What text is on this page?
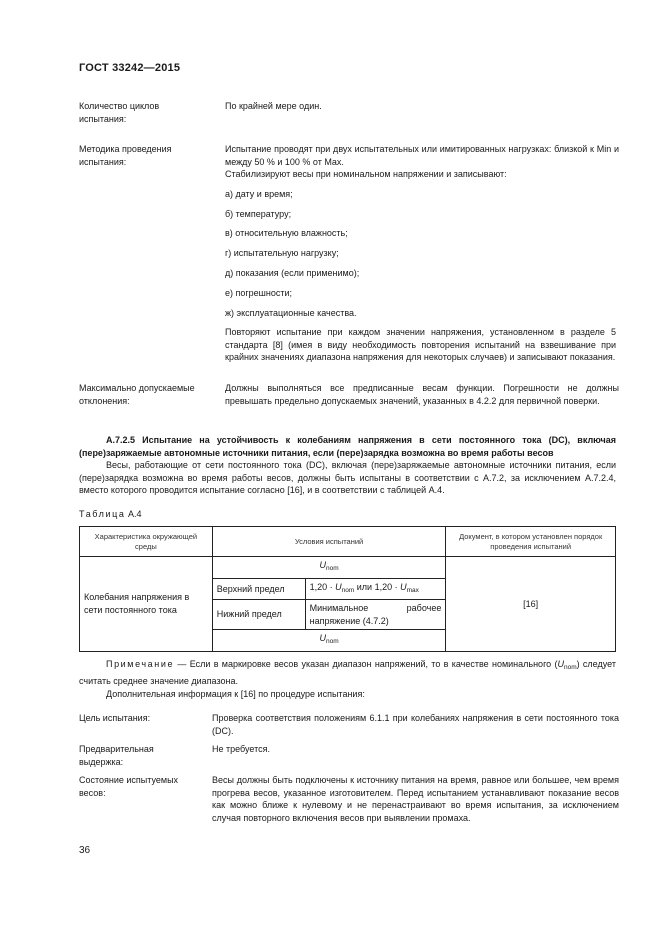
ГОСТ 33242—2015
Количество циклов испытания:
По крайней мере один.
Методика проведения испытания:
Испытание проводят при двух испытательных или имитированных нагрузках: близкой к Min и между 50 % и 100 % от Max.
Стабилизируют весы при номинальном напряжении и записывают:
а) дату и время;
б) температуру;
в) относительную влажность;
г) испытательную нагрузку;
д) показания (если применимо);
е) погрешности;
ж) эксплуатационные качества.
Повторяют испытание при каждом значении напряжения, установленном в разделе 5 стандарта [8] (имея в виду необходимость повторения испытаний на взвешивание при крайних значениях диапазона напряжения для некоторых случаев) и записывают показания.
Максимально допускаемые отклонения:
Должны выполняться все предписанные весам функции. Погрешности не должны превышать предельно допускаемых значений, указанных в 4.2.2 для первичной поверки.
А.7.2.5 Испытание на устойчивость к колебаниям напряжения в сети постоянного тока (DC), включая (пере)заряжаемые автономные источники питания, если (пере)зарядка возможна во время работы весов
Весы, работающие от сети постоянного тока (DC), включая (пере)заряжаемые автономные источники питания, если (пере)зарядка возможна во время работы весов, должны быть испытаны в соответствии с А.7.2, за исключением А.7.2.4, вместо которого проводится испытание согласно [16], и в соответствии с таблицей А.4.
Таблица А.4
Характеристика окружающей среды	Условия испытаний		Документ, в котором установлен порядок проведения испытаний
Колебания напряжения в сети постоянного тока	$U_{nom}$		[16]
	Верхний предел	$1,20 \cdot U_{nom}$ или $1,20 \cdot U_{max}$
	Нижний предел	Минимальное рабочее напряжение (4.7.2)	
	$U_{nom}$
Примечание — Если в маркировке весов указан диапазон напряжений, то в качестве номинального $(U_{nom})$ следует считать среднее значение диапазона.
Дополнительная информация к [16] по процедуре испытания:
Цель испытания:	Проверка соответствия положениям 6.1.1 при колебаниях напряжения в сети постоянного тока (DC).
Предварительная выдержка:
Не требуется.
Состояние испытуемых весов:
Весы должны быть подключены к источнику питания на время, равное или большее, чем время прогрева весов, указанное изготовителем. Перед испытанием устанавливают показание весов как можно ближе к нулевому и не перенастраивают во время испытания, за исключением случая повторного включения весов при выявлении промаха.
36
